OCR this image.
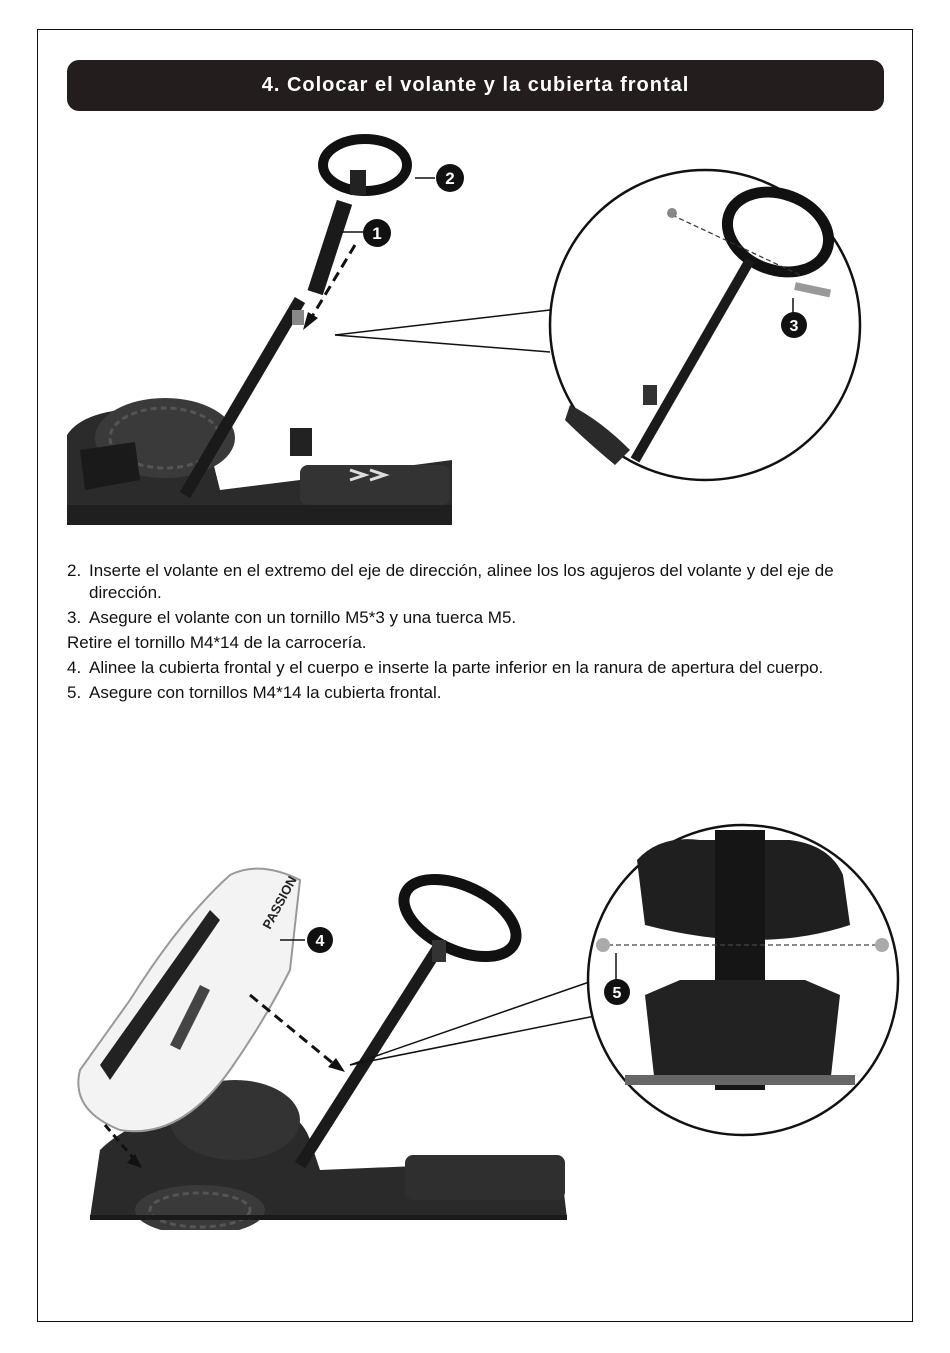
4. Colocar el volante y la cubierta frontal
2
1
3
2. Inserte el volante en el extremo del eje de dirección, alinee los los agujeros del volante y del eje de dirección.
3. Asegure el volante con un tornillo M5*3 y una tuerca M5.
Retire el tornillo M4*14 de la carrocería.
4. Alinee la cubierta frontal y el cuerpo e inserte la parte inferior en la ranura de apertura del cuerpo.
5. Asegure con tornillos M4*14 la cubierta frontal.
PASSION
4
5
